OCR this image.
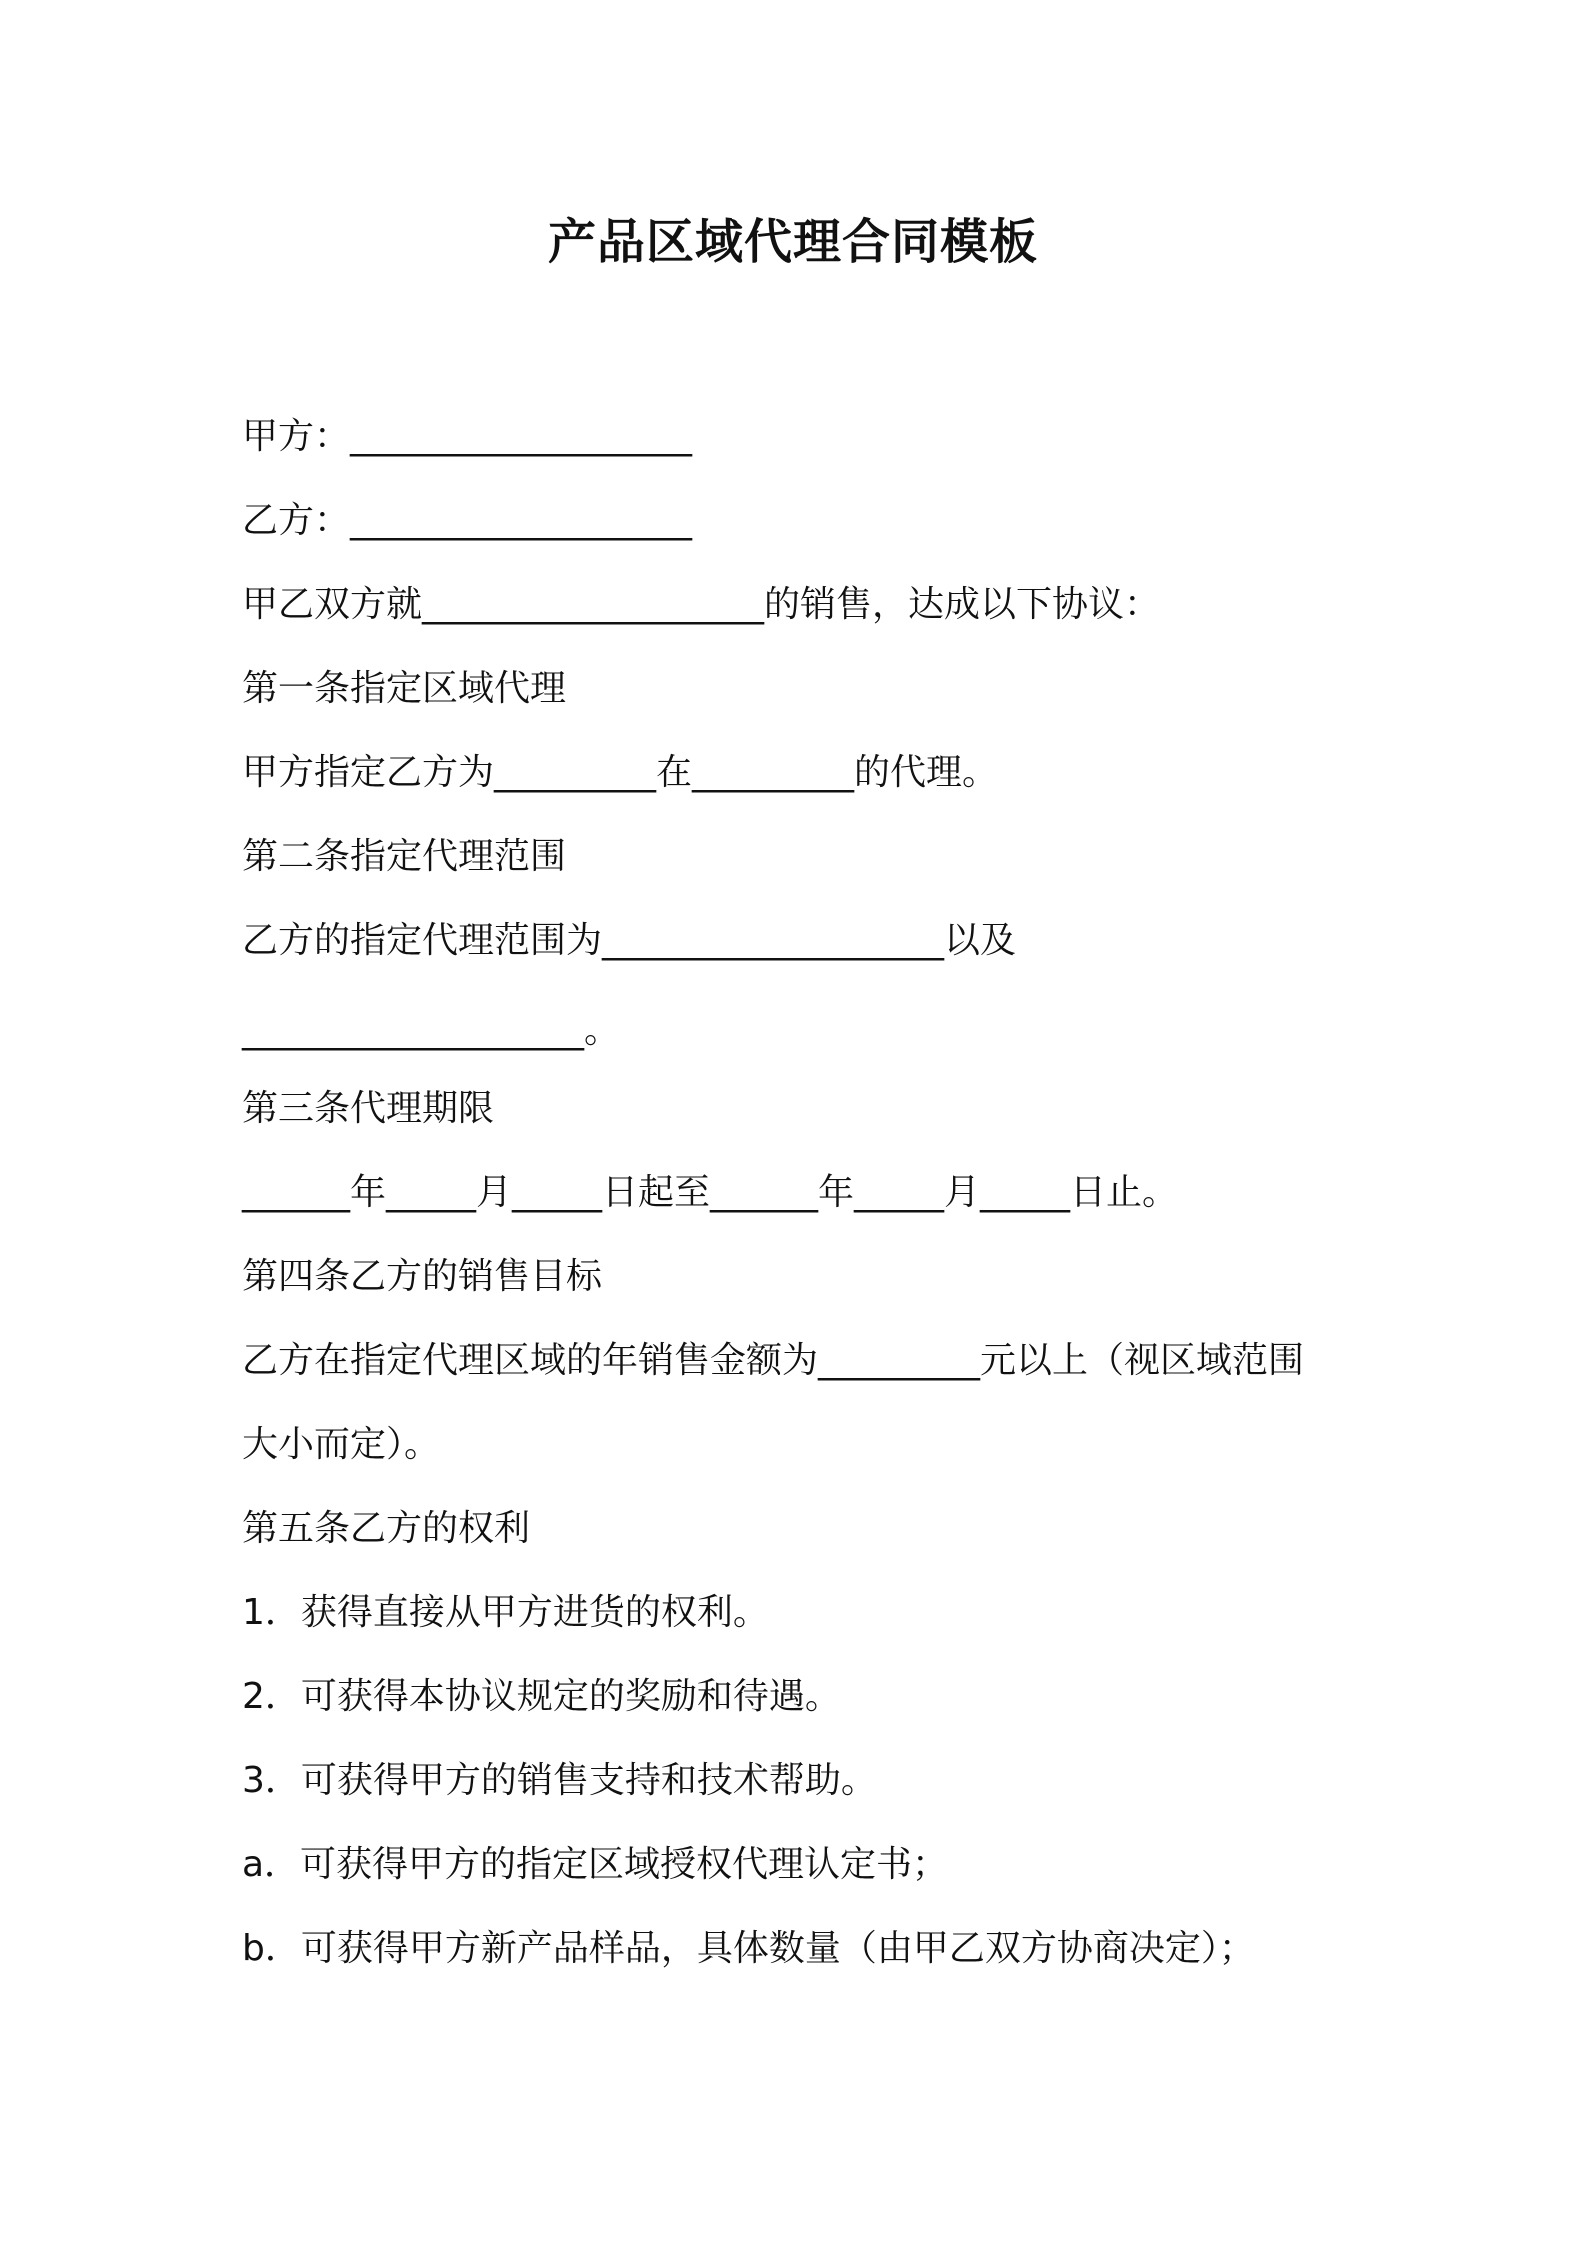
产品区域代理合同模板
甲方：___________________
乙方：___________________
甲乙双方就___________________的销售，达成以下协议：
第一条指定区域代理
甲方指定乙方为_________在_________的代理。
第二条指定代理范围
乙方的指定代理范围为___________________以及
___________________。
第三条代理期限
______年_____月_____日起至______年_____月_____日止。
第四条乙方的销售目标
乙方在指定代理区域的年销售金额为_________元以上（视区域范围
大小而定）。
第五条乙方的权利
1．获得直接从甲方进货的权利。
2．可获得本协议规定的奖励和待遇。
3．可获得甲方的销售支持和技术帮助。
a．可获得甲方的指定区域授权代理认定书；
b．可获得甲方新产品样品，具体数量（由甲乙双方协商决定）；
